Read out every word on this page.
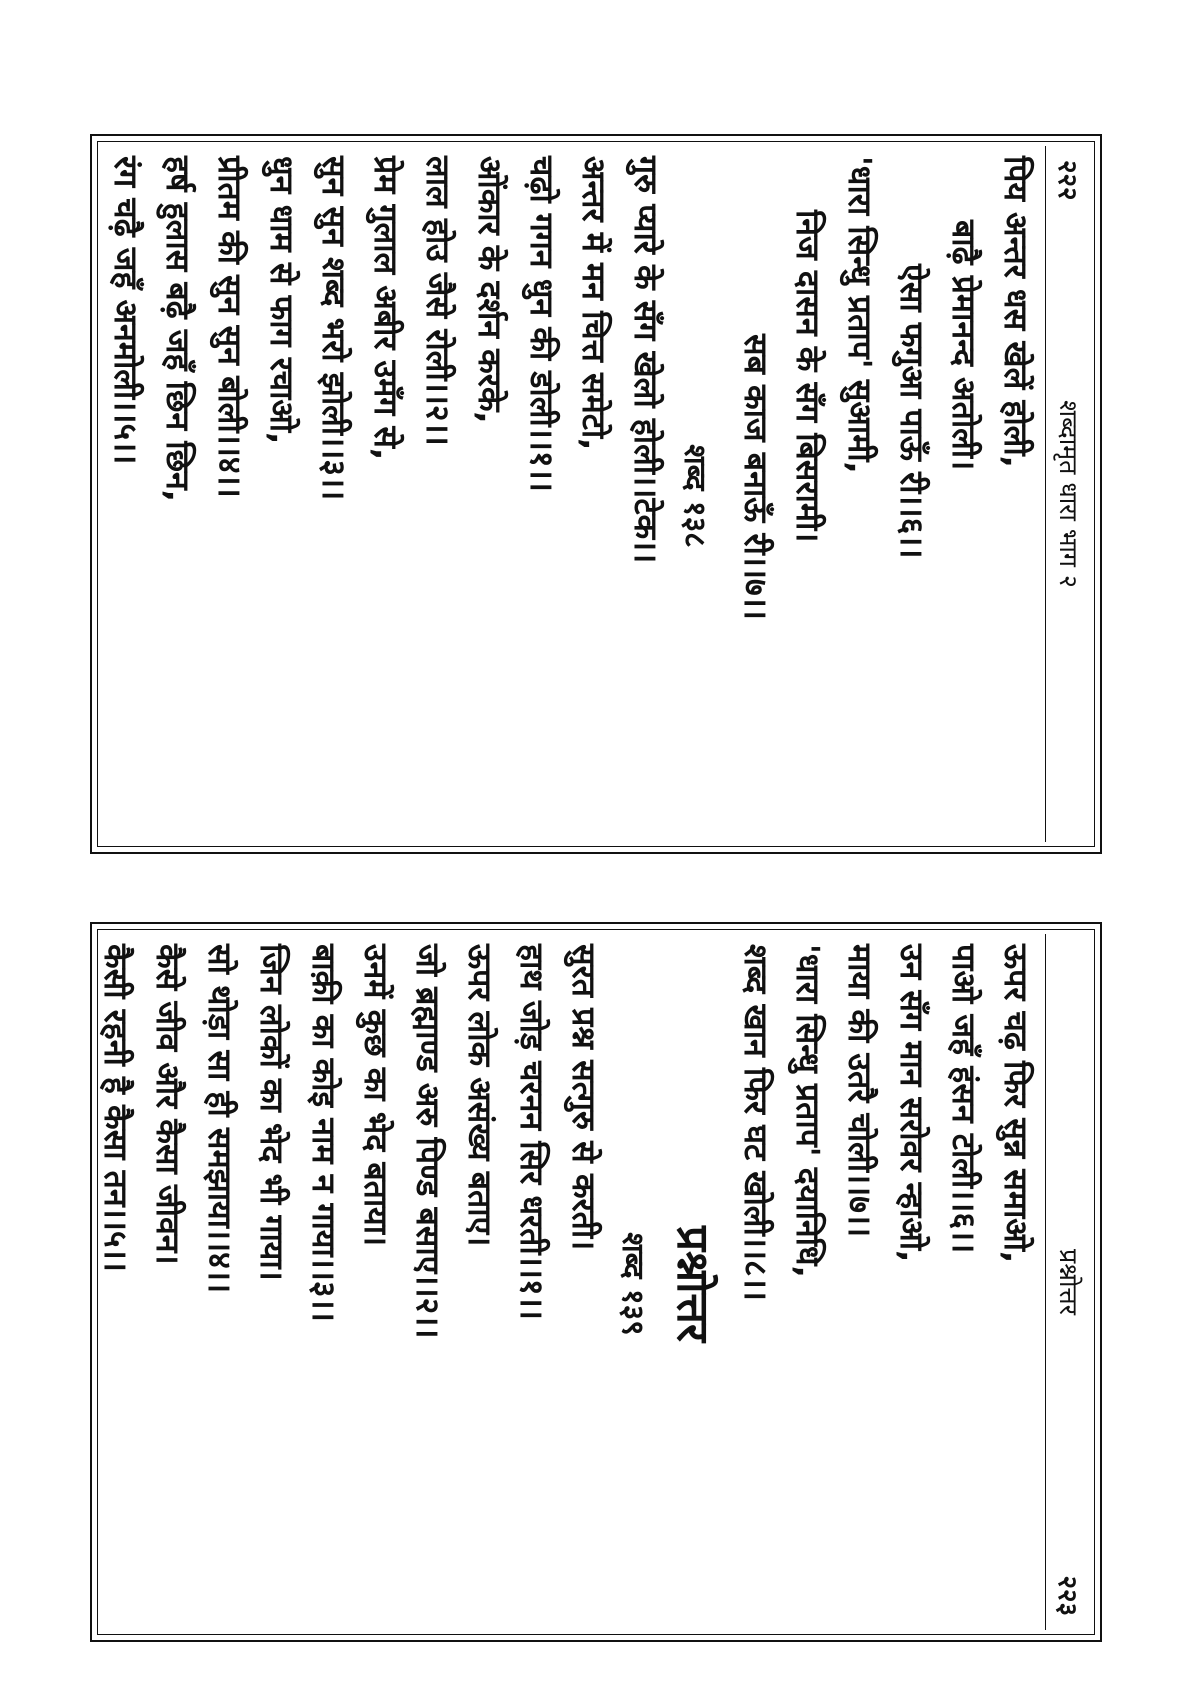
२२२
शब्दामृत धारा भाग २
पिय अन्तर धस खेलें होली,
बाढ़ै प्रेमानन्द अतोली।
ऐसा फगुआ पाऊँ री।।६।।
'धारा सिन्धु प्रताप' सुआमी,
निज दासन के सँग बिसरामी।
सब काज बनाऊँ री।।७।।
शब्द १३८
गुरु प्यारे के सँग खेलो होली।।टेक।।
अन्तर में मन चित्त समेटो,
चढ़ो गगन धुन की डोली।।१।।
ओंकार के दर्शन करके,
लाल होउ जैसे रोली।।२।।
प्रेम गुलाल अबीर उमँग से,
सुन सुन शब्द भरो झोली।।३।।
धुन धाम से फाग रचाओ,
प्रीतम की सुन सुन बोली।।४।।
हर्ष हुलास बढ़ै जहँ छिन छिन,
रंग चढ़ै जहँ अनमोली।।५।।
२२३
प्रश्नोत्तर
ऊपर चढ़ फिर सुन्न समाओ,
पाओ जहँ हंसन टोली।।६।।
उन सँग मान सरोवर न्हाओ,
माया की उतरै चोली।।७।।
'धारा सिन्धु प्रताप' दयानिधि,
शब्द खान फिर घट खोली।।८।।
प्रश्नोत्तर
शब्द १३९
सुरत प्रश्न सत्गुरु से करती।
हाथ जोड़ चरनन सिर धरती।।१।।
ऊपर लोक असंख्य बताए।
जो ब्रह्माण्ड अरु पिण्ड बसाए।।२।।
उनमें कुछ का भेद बताया।
बाक़ी का कोइ नाम न गाया।।३।।
जिन लोकों का भेद भी गाया।
सो थोड़ा सा ही समझाया।।४।।
कैसे जीव और कैसा जीवन।
कैसी रहनी है कैसा तन।।५।।
